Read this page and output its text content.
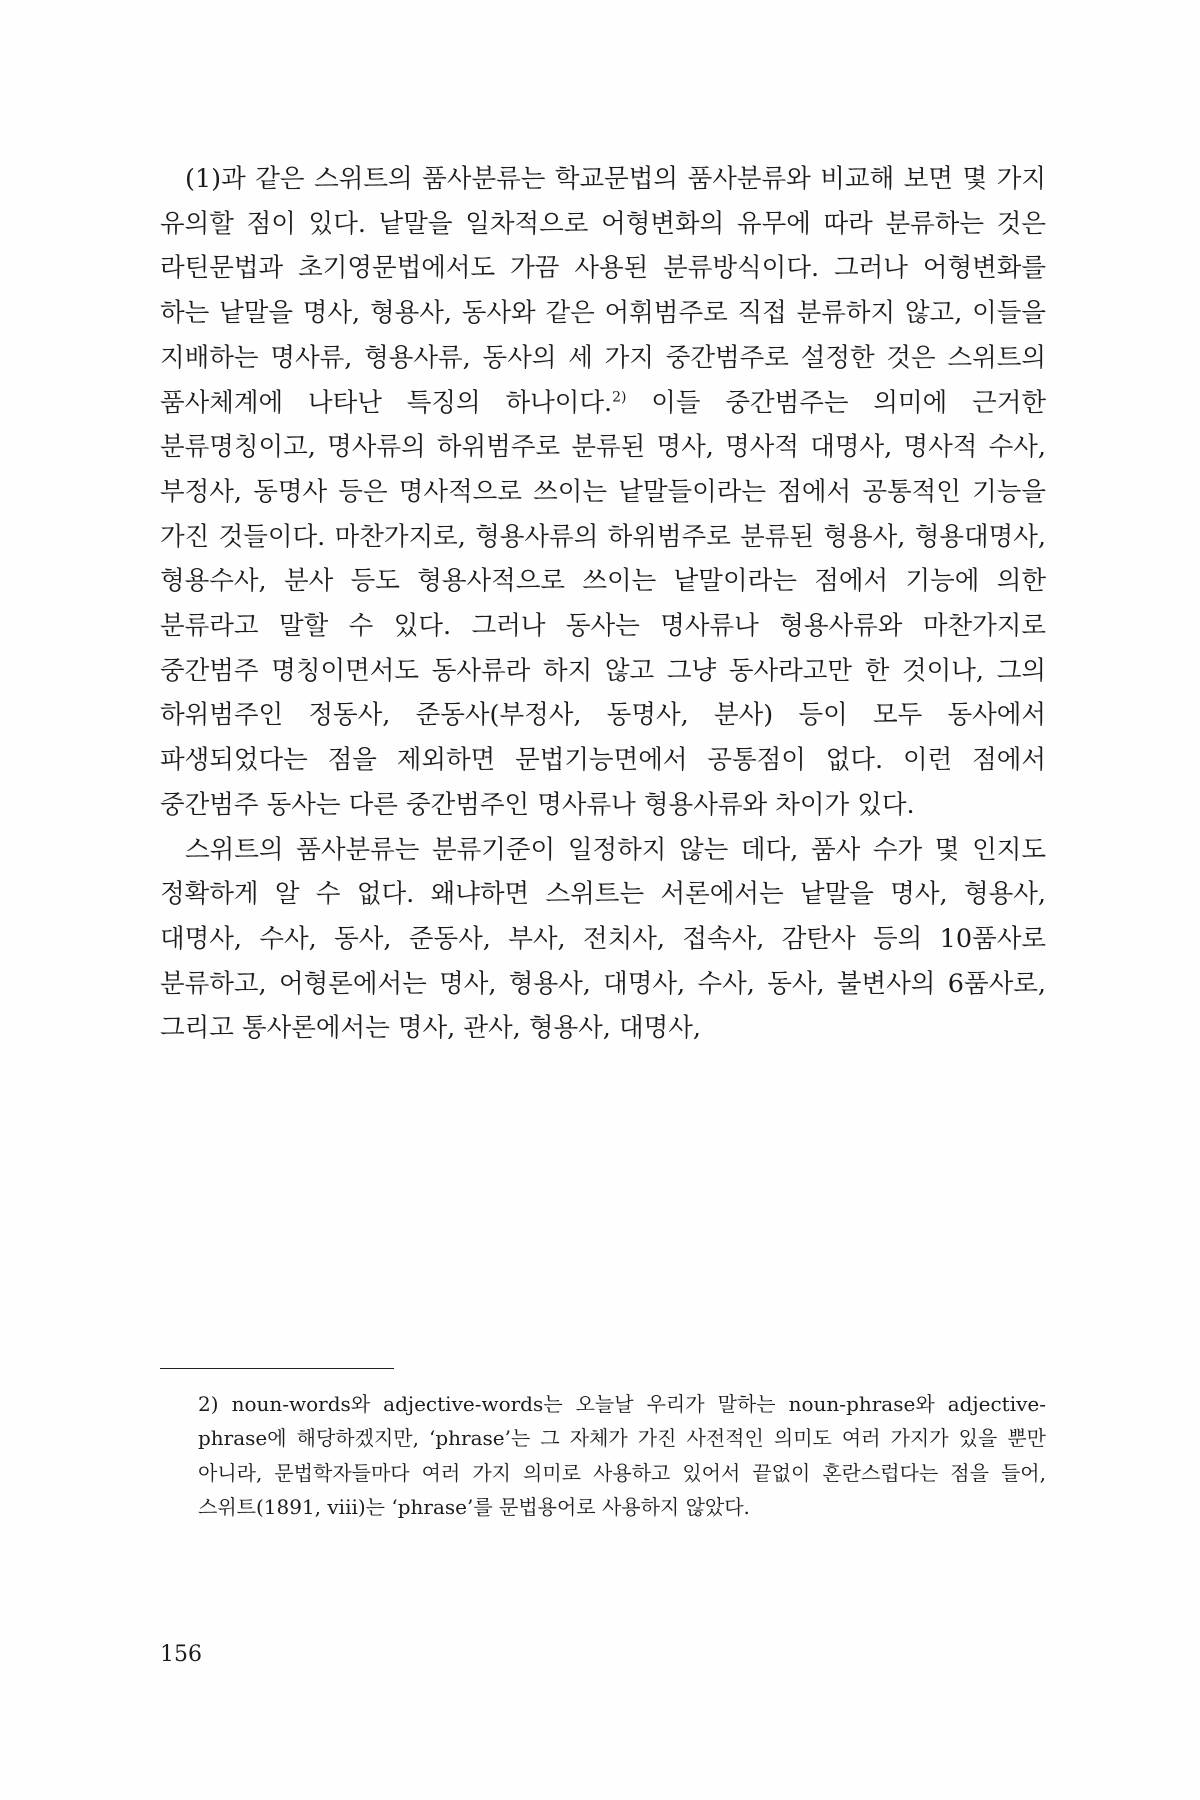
(1)과 같은 스위트의 품사분류는 학교문법의 품사분류와 비교해 보면 몇 가지 유의할 점이 있다. 낱말을 일차적으로 어형변화의 유무에 따라 분류하는 것은 라틴문법과 초기영문법에서도 가끔 사용된 분류방식이다. 그러나 어형변화를 하는 낱말을 명사, 형용사, 동사와 같은 어휘범주로 직접 분류하지 않고, 이들을 지배하는 명사류, 형용사류, 동사의 세 가지 중간범주로 설정한 것은 스위트의 품사체계에 나타난 특징의 하나이다.$^{2)}$ 이들 중간범주는 의미에 근거한 분류명칭이고, 명사류의 하위범주로 분류된 명사, 명사적 대명사, 명사적 수사, 부정사, 동명사 등은 명사적으로 쓰이는 낱말들이라는 점에서 공통적인 기능을 가진 것들이다. 마찬가지로, 형용사류의 하위범주로 분류된 형용사, 형용대명사, 형용수사, 분사 등도 형용사적으로 쓰이는 낱말이라는 점에서 기능에 의한 분류라고 말할 수 있다. 그러나 동사는 명사류나 형용사류와 마찬가지로 중간범주 명칭이면서도 동사류라 하지 않고 그냥 동사라고만 한 것이나, 그의 하위범주인 정동사, 준동사(부정사, 동명사, 분사) 등이 모두 동사에서 파생되었다는 점을 제외하면 문법기능면에서 공통점이 없다. 이런 점에서 중간범주 동사는 다른 중간범주인 명사류나 형용사류와 차이가 있다.

스위트의 품사분류는 분류기준이 일정하지 않는 데다, 품사 수가 몇 인지도 정확하게 알 수 없다. 왜냐하면 스위트는 서론에서는 낱말을 명사, 형용사, 대명사, 수사, 동사, 준동사, 부사, 전치사, 접속사, 감탄사 등의 10품사로 분류하고, 어형론에서는 명사, 형용사, 대명사, 수사, 동사, 불변사의 6품사로, 그리고 통사론에서는 명사, 관사, 형용사, 대명사,

2) noun-words와 adjective-words는 오늘날 우리가 말하는 noun-phrase와 adjective-phrase에 해당하겠지만, ‘phrase’는 그 자체가 가진 사전적인 의미도 여러 가지가 있을 뿐만 아니라, 문법학자들마다 여러 가지 의미로 사용하고 있어서 끝없이 혼란스럽다는 점을 들어, 스위트(1891, viii)는 ‘phrase’를 문법용어로 사용하지 않았다.

156
